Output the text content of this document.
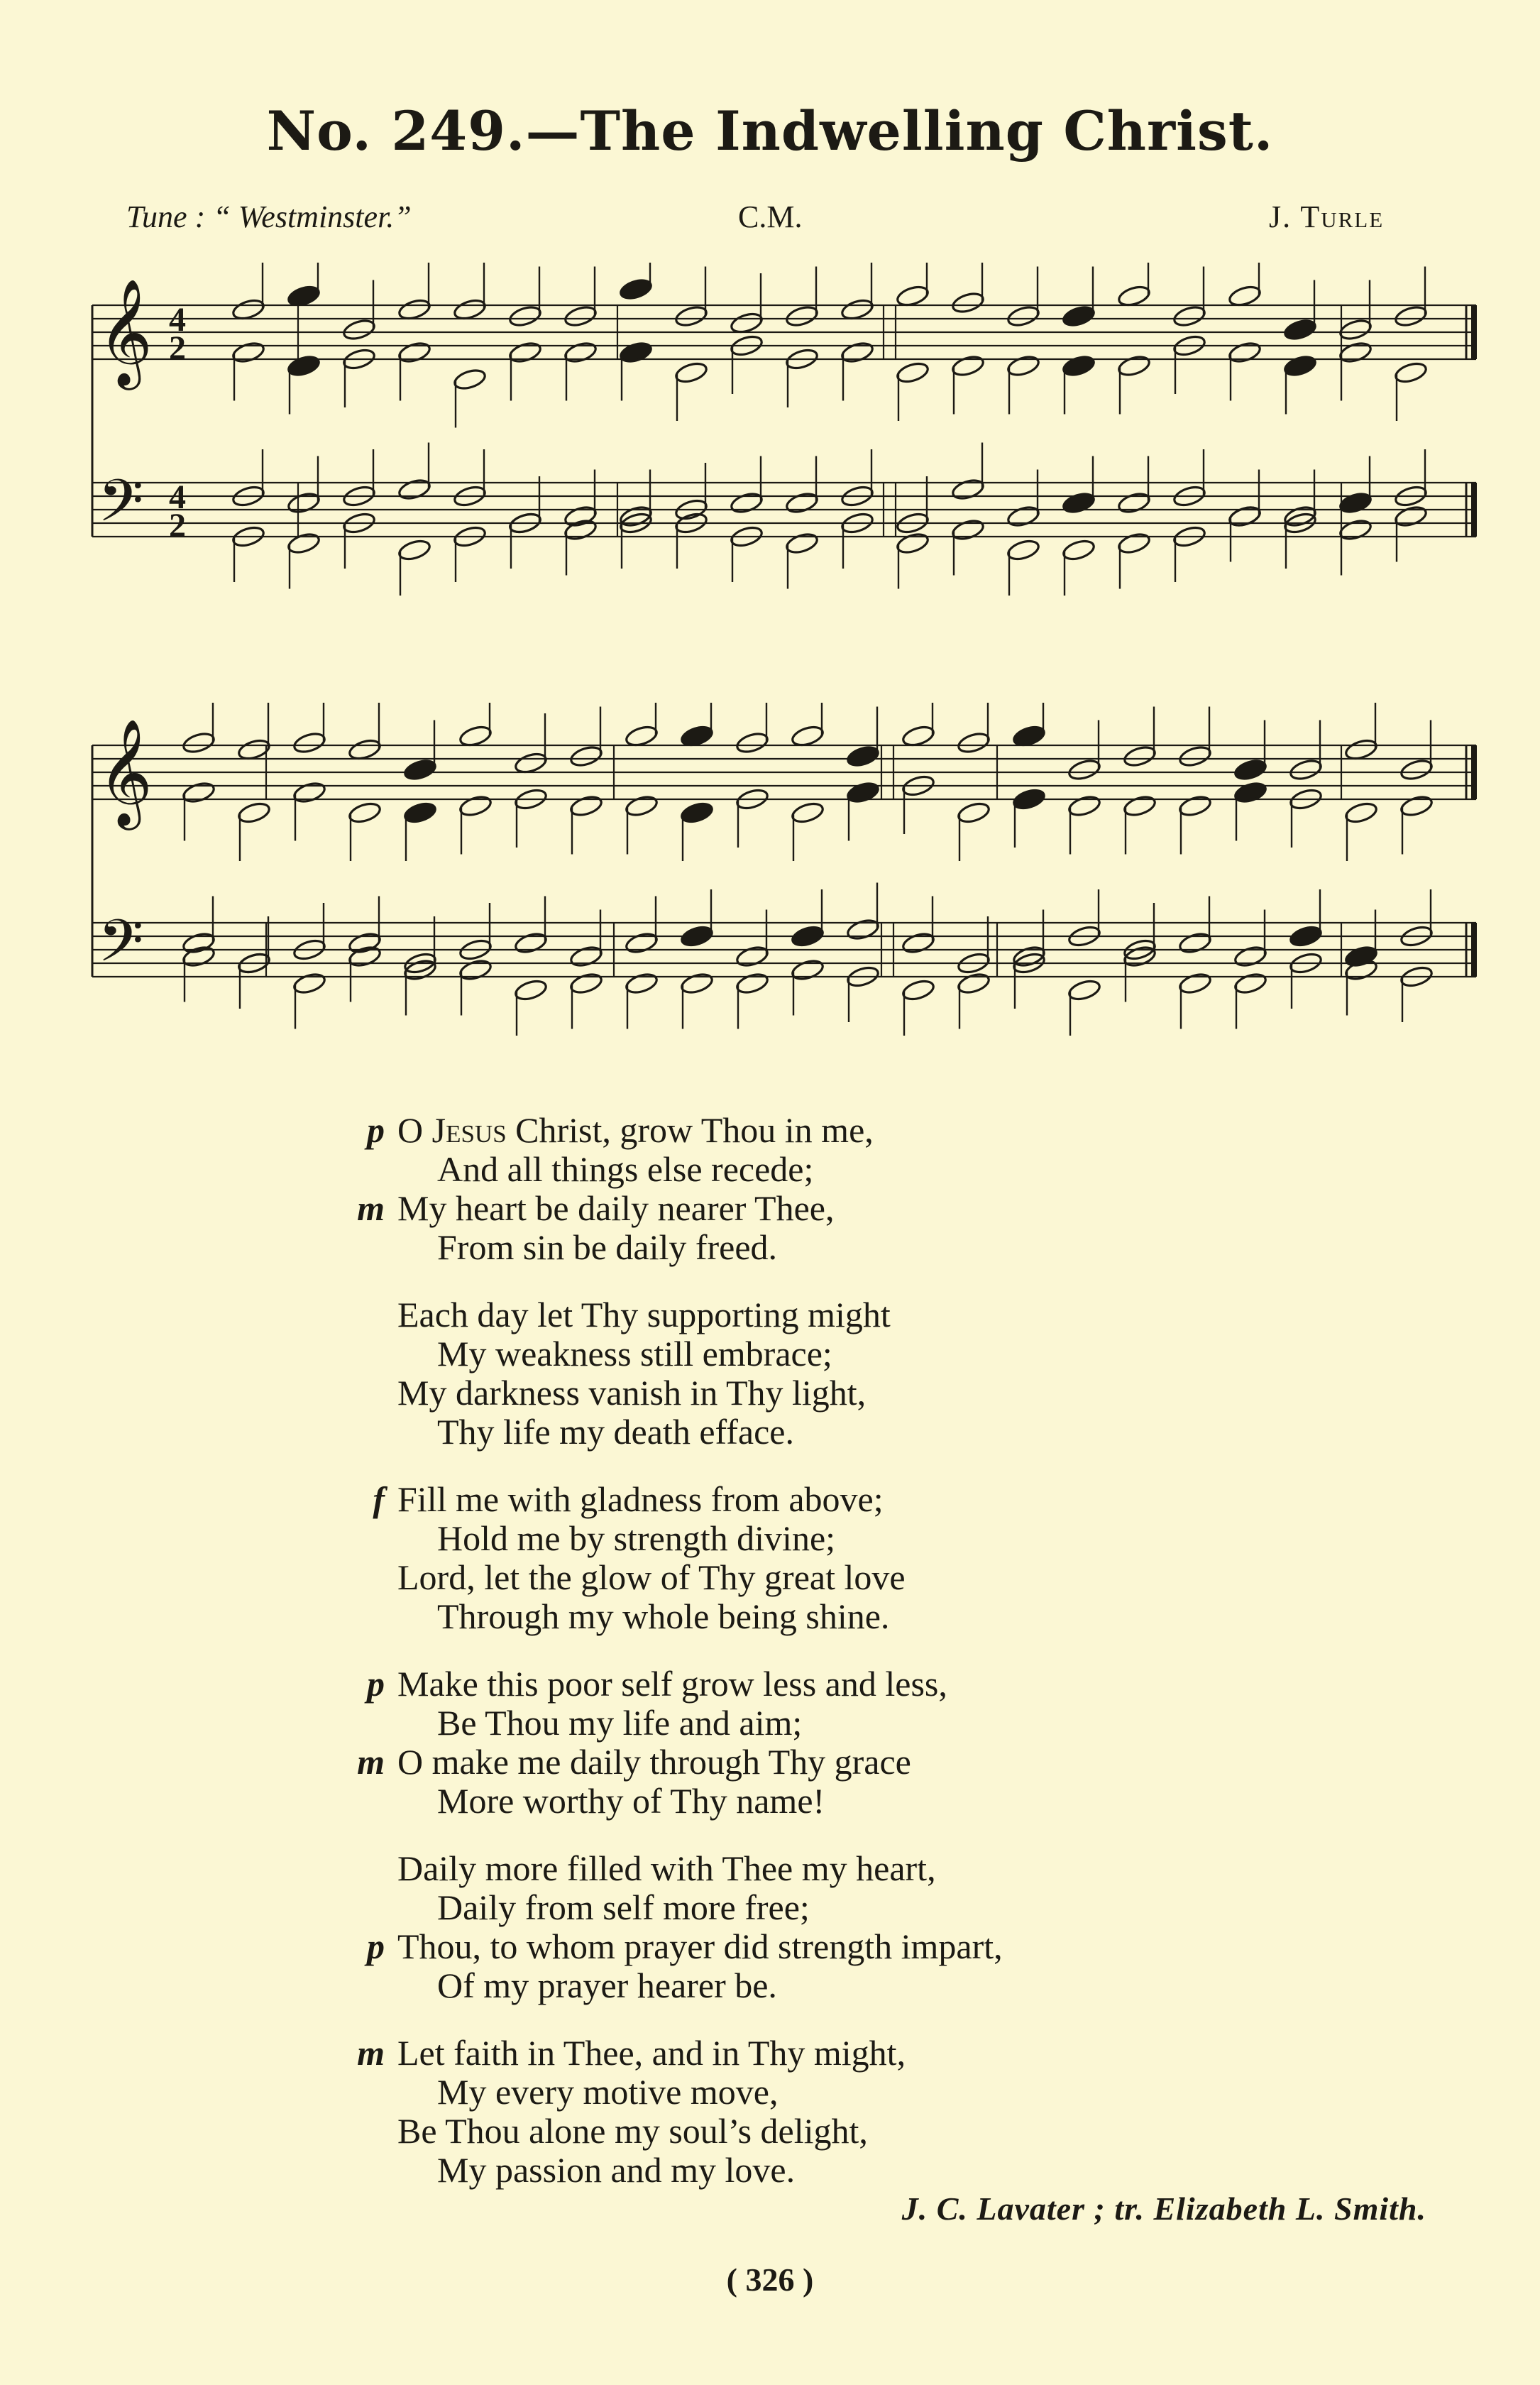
No. 249.—The Indwelling Christ.
Tune : “ Westminster.”	C.M.	J. Turle
𝄞
𝄢
4
2
4
2
𝄞
𝄢
p O Jesus Christ, grow Thou in me,
And all things else recede;
m My heart be daily nearer Thee,
From sin be daily freed.
Each day let Thy supporting might
My weakness still embrace;
My darkness vanish in Thy light,
Thy life my death efface.
f Fill me with gladness from above;
Hold me by strength divine;
Lord, let the glow of Thy great love
Through my whole being shine.
p Make this poor self grow less and less,
Be Thou my life and aim;
m O make me daily through Thy grace
More worthy of Thy name!
Daily more filled with Thee my heart,
Daily from self more free;
p Thou, to whom prayer did strength impart,
Of my prayer hearer be.
m Let faith in Thee, and in Thy might,
My every motive move,
Be Thou alone my soul’s delight,
My passion and my love.
J. C. Lavater ; tr. Elizabeth L. Smith.
( 326 )
